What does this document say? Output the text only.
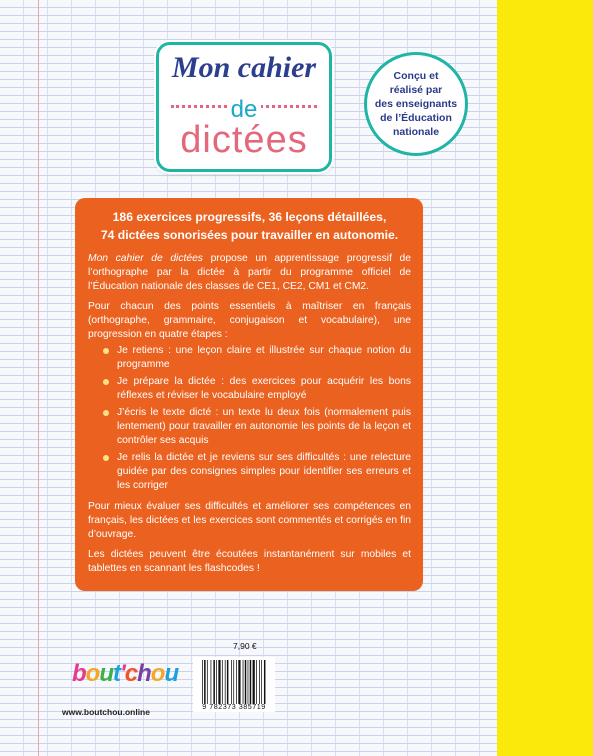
Mon cahier
de
dictées
Conçu et
réalisé par
des enseignants
de l’Éducation
nationale
186 exercices progressifs, 36 leçons détaillées,
74 dictées sonorisées pour travailler en autonomie.

Mon cahier de dictées propose un apprentissage progressif de l’orthographe par la dictée à partir du programme officiel de l’Éducation nationale des classes de CE1, CE2, CM1 et CM2.

Pour chacun des points essentiels à maîtriser en français (orthographe, grammaire, conjugaison et vocabulaire), une progression en quatre étapes :

Je retiens : une leçon claire et illustrée sur chaque notion du programme
Je prépare la dictée : des exercices pour acquérir les bons réflexes et réviser le vocabulaire employé
J’écris le texte dicté : un texte lu deux fois (normalement puis lentement) pour travailler en autonomie les points de la leçon et contrôler ses acquis
Je relis la dictée et je reviens sur ses difficultés : une relecture guidée par des consignes simples pour identifier ses erreurs et les corriger

Pour mieux évaluer ses difficultés et améliorer ses compétences en français, les dictées et les exercices sont commentés et corrigés en fin d’ouvrage.

Les dictées peuvent être écoutées instantanément sur mobiles et tablettes en scannant les flashcodes !

7,90 €
9 782373 385719
bout'chou
www.boutchou.online
